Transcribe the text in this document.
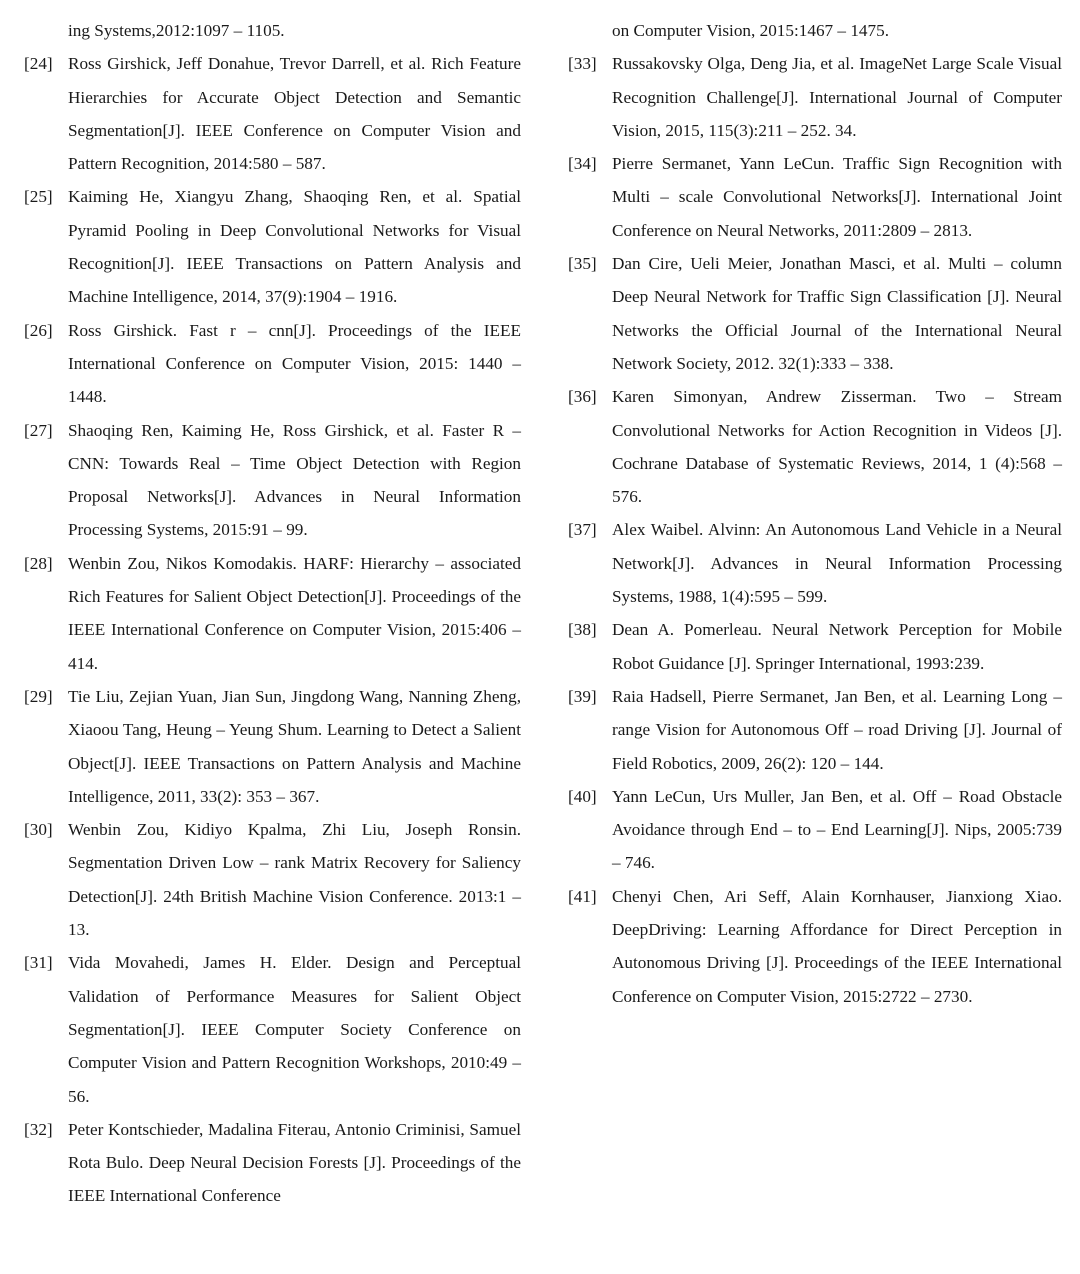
ing Systems,2012:1097 – 1105.

[24] Ross Girshick, Jeff Donahue, Trevor Darrell, et al. Rich Feature Hierarchies for Accurate Object Detection and Semantic Segmentation[J]. IEEE Conference on Computer Vision and Pattern Recognition, 2014:580 – 587.

[25] Kaiming He, Xiangyu Zhang, Shaoqing Ren, et al. Spatial Pyramid Pooling in Deep Convolutional Networks for Visual Recognition[J]. IEEE Transactions on Pattern Analysis and Machine Intelligence, 2014, 37(9):1904 – 1916.

[26] Ross Girshick. Fast r – cnn[J]. Proceedings of the IEEE International Conference on Computer Vision, 2015: 1440 – 1448.

[27] Shaoqing Ren, Kaiming He, Ross Girshick, et al. Faster R – CNN: Towards Real – Time Object Detection with Region Proposal Networks[J]. Advances in Neural Information Processing Systems, 2015:91 – 99.

[28] Wenbin Zou, Nikos Komodakis. HARF: Hierarchy – associated Rich Features for Salient Object Detection[J]. Proceedings of the IEEE International Conference on Computer Vision, 2015:406 – 414.

[29] Tie Liu, Zejian Yuan, Jian Sun, Jingdong Wang, Nanning Zheng, Xiaoou Tang, Heung – Yeung Shum. Learning to Detect a Salient Object[J]. IEEE Transactions on Pattern Analysis and Machine Intelligence, 2011, 33(2): 353 – 367.

[30] Wenbin Zou, Kidiyo Kpalma, Zhi Liu, Joseph Ronsin. Segmentation Driven Low – rank Matrix Recovery for Saliency Detection[J]. 24th British Machine Vision Conference. 2013:1 – 13.

[31] Vida Movahedi, James H. Elder. Design and Perceptual Validation of Performance Measures for Salient Object Segmentation[J]. IEEE Computer Society Conference on Computer Vision and Pattern Recognition Workshops, 2010:49 – 56.

[32] Peter Kontschieder, Madalina Fiterau, Antonio Criminisi, Samuel Rota Bulo. Deep Neural Decision Forests [J]. Proceedings of the IEEE International Conference

on Computer Vision, 2015:1467 – 1475.

[33] Russakovsky Olga, Deng Jia, et al. ImageNet Large Scale Visual Recognition Challenge[J]. International Journal of Computer Vision, 2015, 115(3):211 – 252. 34.

[34] Pierre Sermanet, Yann LeCun. Traffic Sign Recognition with Multi – scale Convolutional Networks[J]. International Joint Conference on Neural Networks, 2011:2809 – 2813.

[35] Dan Cire, Ueli Meier, Jonathan Masci, et al. Multi – column Deep Neural Network for Traffic Sign Classification [J]. Neural Networks the Official Journal of the International Neural Network Society, 2012. 32(1):333 – 338.

[36] Karen Simonyan, Andrew Zisserman. Two – Stream Convolutional Networks for Action Recognition in Videos [J]. Cochrane Database of Systematic Reviews, 2014, 1 (4):568 – 576.

[37] Alex Waibel. Alvinn: An Autonomous Land Vehicle in a Neural Network[J]. Advances in Neural Information Processing Systems, 1988, 1(4):595 – 599.

[38] Dean A. Pomerleau. Neural Network Perception for Mobile Robot Guidance [J]. Springer International, 1993:239.

[39] Raia Hadsell, Pierre Sermanet, Jan Ben, et al. Learning Long – range Vision for Autonomous Off – road Driving [J]. Journal of Field Robotics, 2009, 26(2): 120 – 144.

[40] Yann LeCun, Urs Muller, Jan Ben, et al. Off – Road Obstacle Avoidance through End – to – End Learning[J]. Nips, 2005:739 – 746.

[41] Chenyi Chen, Ari Seff, Alain Kornhauser, Jianxiong Xiao. DeepDriving: Learning Affordance for Direct Perception in Autonomous Driving [J]. Proceedings of the IEEE International Conference on Computer Vision, 2015:2722 – 2730.
